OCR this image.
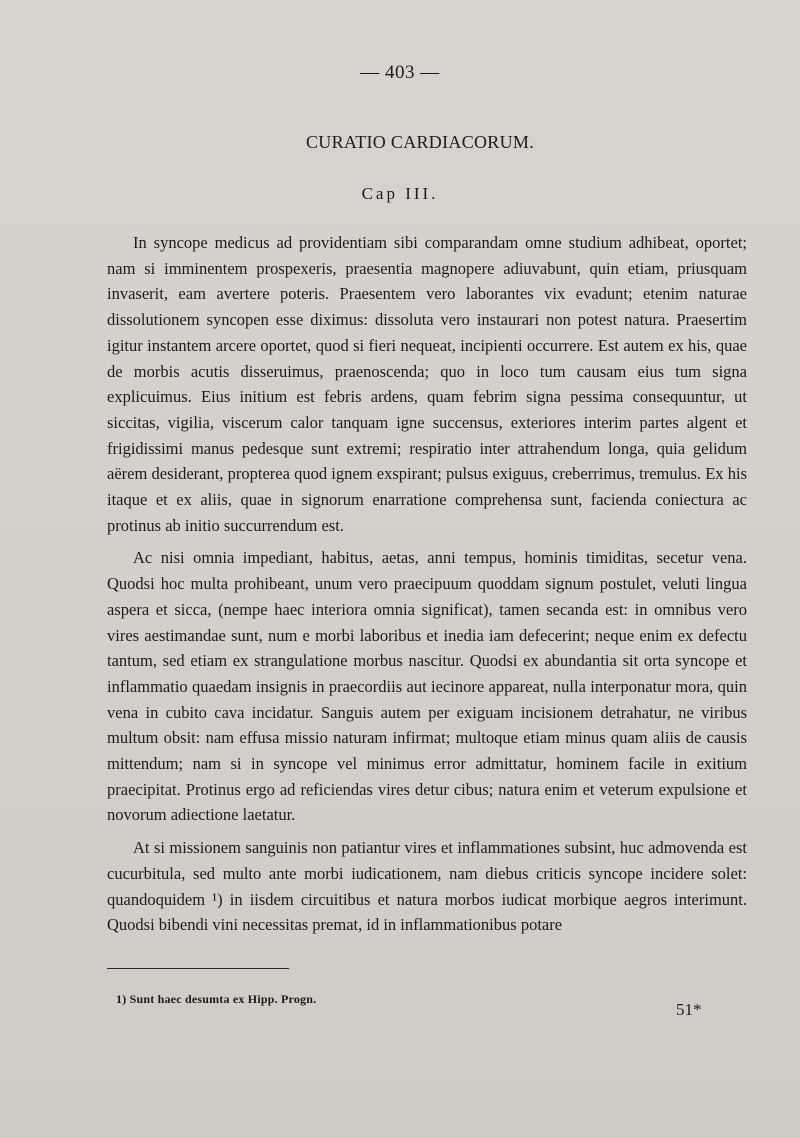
— 403 —
CURATIO CARDIACORUM.
Cap III.

In syncope medicus ad providentiam sibi comparandam omne studium adhibeat, oportet; nam si imminentem prospexeris, praesentia magnopere adiuvabunt, quin etiam, priusquam invaserit, eam avertere poteris. Praesentem vero laborantes vix evadunt; etenim naturae dissolutionem syncopen esse diximus: dissoluta vero instaurari non potest natura. Praesertim igitur instantem arcere oportet, quod si fieri nequeat, incipienti occurrere. Est autem ex his, quae de morbis acutis disseruimus, praenoscenda; quo in loco tum causam eius tum signa explicuimus. Eius initium est febris ardens, quam febrim signa pessima consequuntur, ut siccitas, vigilia, viscerum calor tanquam igne succensus, exteriores interim partes algent et frigidissimi manus pedesque sunt extremi; respiratio inter attrahendum longa, quia gelidum aërem desiderant, propterea quod ignem exspirant; pulsus exiguus, creberrimus, tremulus. Ex his itaque et ex aliis, quae in signorum enarratione comprehensa sunt, facienda coniectura ac protinus ab initio succurrendum est.

Ac nisi omnia impediant, habitus, aetas, anni tempus, hominis timiditas, secetur vena. Quodsi hoc multa prohibeant, unum vero praecipuum quoddam signum postulet, veluti lingua aspera et sicca, (nempe haec interiora omnia significat), tamen secanda est: in omnibus vero vires aestimandae sunt, num e morbi laboribus et inedia iam defecerint; neque enim ex defectu tantum, sed etiam ex strangulatione morbus nascitur. Quodsi ex abundantia sit orta syncope et inflammatio quaedam insignis in praecordiis aut iecinore appareat, nulla interponatur mora, quin vena in cubito cava incidatur. Sanguis autem per exiguam incisionem detrahatur, ne viribus multum obsit: nam effusa missio naturam infirmat; multoque etiam minus quam aliis de causis mittendum; nam si in syncope vel minimus error admittatur, hominem facile in exitium praecipitat. Protinus ergo ad reficiendas vires detur cibus; natura enim et veterum expulsione et novorum adiectione laetatur.

At si missionem sanguinis non patiantur vires et inflammationes subsint, huc admovenda est cucurbitula, sed multo ante morbi iudicationem, nam diebus criticis syncope incidere solet: quandoquidem ¹) in iisdem circuitibus et natura morbos iudicat morbique aegros interimunt. Quodsi bibendi vini necessitas premat, id in inflammationibus potare

1) Sunt haec desumta ex Hipp. Progn.
51*
